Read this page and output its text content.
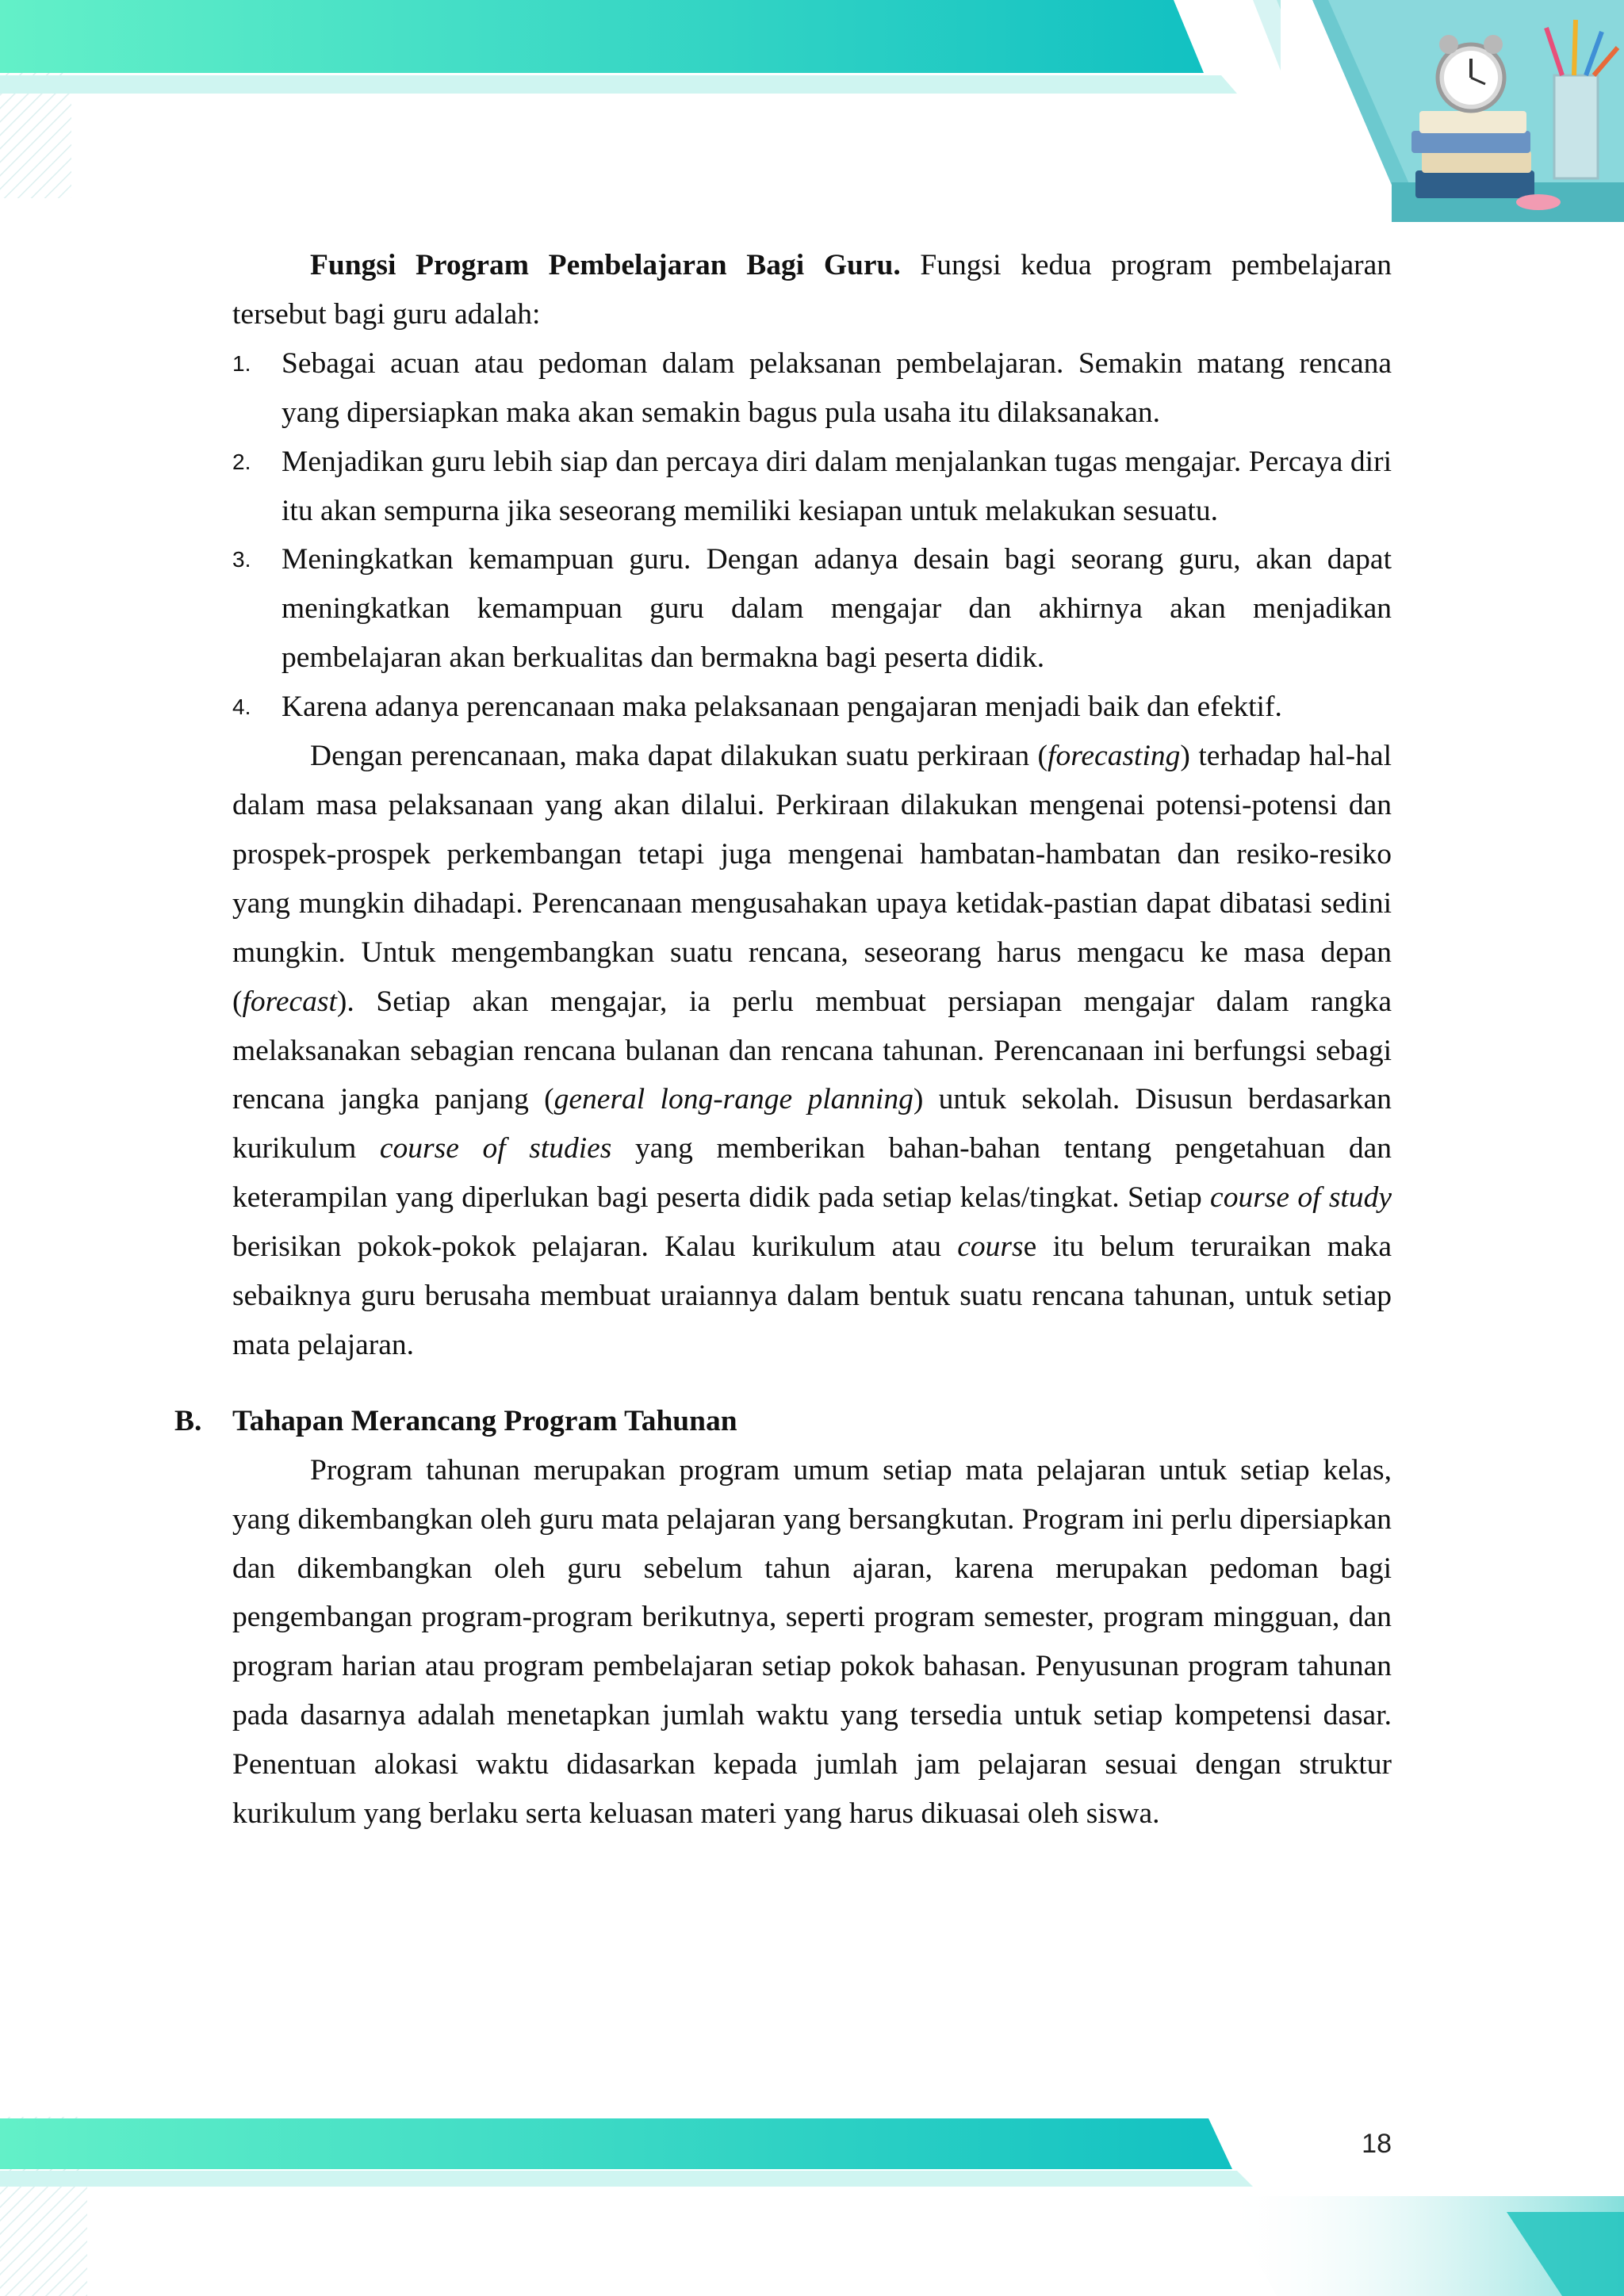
Fungsi Program Pembelajaran Bagi Guru. Fungsi kedua program pembelajaran tersebut bagi guru adalah:

1. Sebagai acuan atau pedoman dalam pelaksanan pembelajaran. Semakin matang rencana yang dipersiapkan maka akan semakin bagus pula usaha itu dilaksanakan.
2. Menjadikan guru lebih siap dan percaya diri dalam menjalankan tugas mengajar. Percaya diri itu akan sempurna jika seseorang memiliki kesiapan untuk melakukan sesuatu.
3. Meningkatkan kemampuan guru. Dengan adanya desain bagi seorang guru, akan dapat meningkatkan kemampuan guru dalam mengajar dan akhirnya akan menjadikan pembelajaran akan berkualitas dan bermakna bagi peserta didik.
4. Karena adanya perencanaan maka pelaksanaan pengajaran menjadi baik dan efektif.

Dengan perencanaan, maka dapat dilakukan suatu perkiraan (forecasting) terhadap hal-hal dalam masa pelaksanaan yang akan dilalui. Perkiraan dilakukan mengenai potensi-potensi dan prospek-prospek perkembangan tetapi juga mengenai hambatan-hambatan dan resiko-resiko yang mungkin dihadapi. Perencanaan mengusahakan upaya ketidak-pastian dapat dibatasi sedini mungkin. Untuk mengembangkan suatu rencana, seseorang harus mengacu ke masa depan (forecast). Setiap akan mengajar, ia perlu membuat persiapan mengajar dalam rangka melaksanakan sebagian rencana bulanan dan rencana tahunan. Perencanaan ini berfungsi sebagi rencana jangka panjang (general long-range planning) untuk sekolah. Disusun berdasarkan kurikulum course of studies yang memberikan bahan-bahan tentang pengetahuan dan keterampilan yang diperlukan bagi peserta didik pada setiap kelas/tingkat. Setiap course of study berisikan pokok-pokok pelajaran. Kalau kurikulum atau course itu belum teruraikan maka sebaiknya guru berusaha membuat uraiannya dalam bentuk suatu rencana tahunan, untuk setiap mata pelajaran.

B. Tahapan Merancang Program Tahunan

Program tahunan merupakan program umum setiap mata pelajaran untuk setiap kelas, yang dikembangkan oleh guru mata pelajaran yang bersangkutan. Program ini perlu dipersiapkan dan dikembangkan oleh guru sebelum tahun ajaran, karena merupakan pedoman bagi pengembangan program-program berikutnya, seperti program semester, program mingguan, dan program harian atau program pembelajaran setiap pokok bahasan. Penyusunan program tahunan pada dasarnya adalah menetapkan jumlah waktu yang tersedia untuk setiap kompetensi dasar. Penentuan alokasi waktu didasarkan kepada jumlah jam pelajaran sesuai dengan struktur kurikulum yang berlaku serta keluasan materi yang harus dikuasai oleh siswa.

18
